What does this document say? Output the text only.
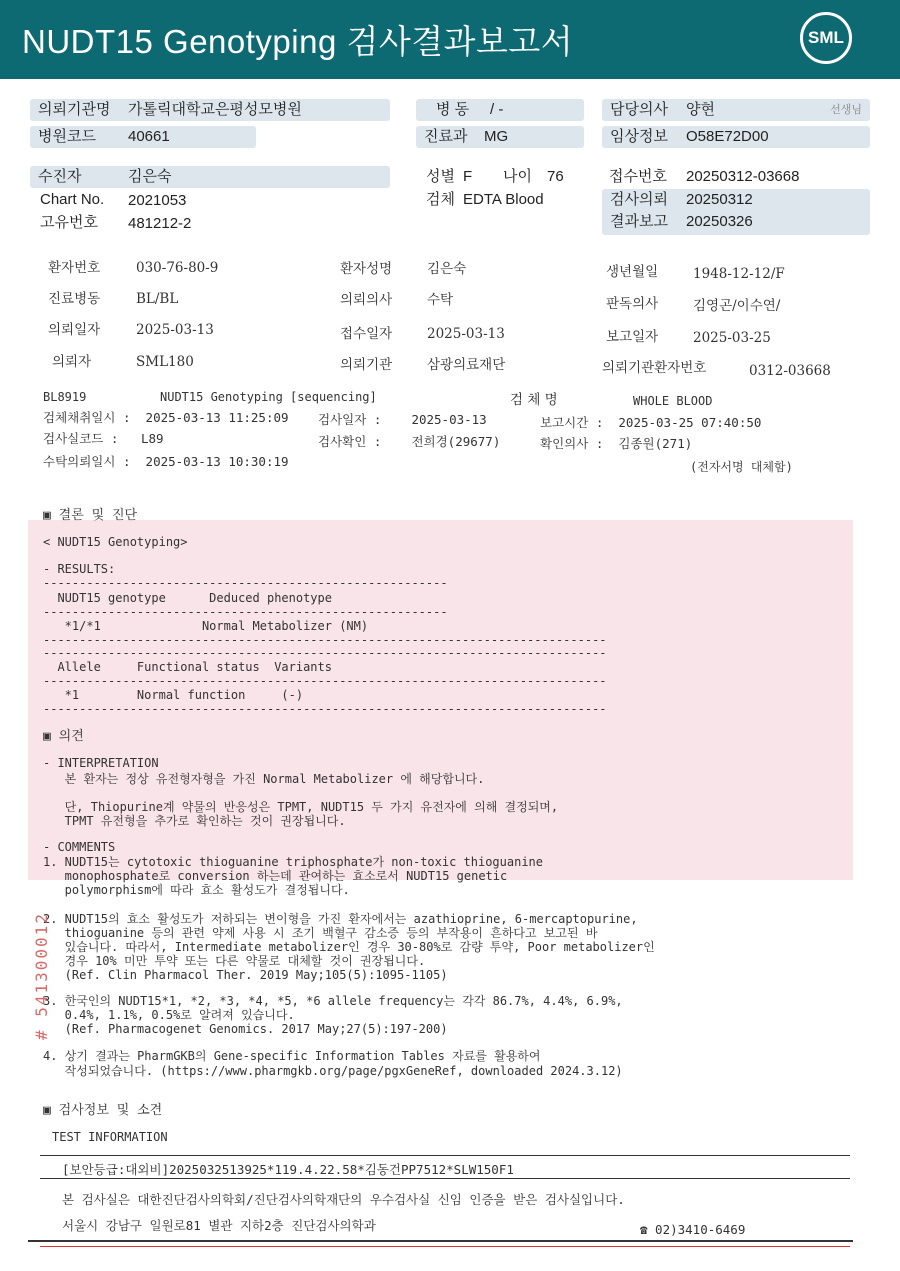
NUDT15 Genotyping 검사결과보고서	SML
의뢰기관명 가톨릭대학교은평성모병원	병 동 / -	담당의사 양현	선생님
병원코드 40661	진료과 MG	임상정보 O58E72D00
수진자	김은숙	성별 F 나이 76	접수번호 20250312-03668
Chart No. 2021053	검체 EDTA Blood	검사의뢰 20250312

결과보고 20250326
고유번호 481212-2
환자번호	030-76-80-9	환자성명	김은숙	생년월일	1948-12-12/F
진료병동	BL/BL	의뢰의사	수탁	판독의사	김영곤/이수연/
의뢰일자	2025-03-13	접수일자	2025-03-13	보고일자	2025-03-25
의뢰자	SML180	의뢰기관	삼광의료재단	의뢰기관환자번호	0312-03668
BL8919	NUDT15 Genotyping [sequencing]	검 체 명	WHOLE BLOOD
검체채취일시 :  2025-03-13 11:25:09 검사일자 :    2025-03-13	보고시간 :  2025-03-25 07:40:50
검사실코드 :   L89	검사확인 :    전희경(29677)	확인의사 :  김종원(271)
수탁의뢰일시 :  2025-03-13 10:30:19	(전자서명 대체함)
▣ 결론 및 진단
< NUDT15 Genotyping>
- RESULTS:
--------------------------------------------------------
NUDT15 genotype      Deduced phenotype
--------------------------------------------------------
*1/*1              Normal Metabolizer (NM)
------------------------------------------------------------------------------
------------------------------------------------------------------------------
Allele     Functional status  Variants
------------------------------------------------------------------------------
*1        Normal function     (-)
------------------------------------------------------------------------------
▣ 의견
- INTERPRETATION
본 환자는 정상 유전형자형을 가진 Normal Metabolizer 에 해당합니다.
단, Thiopurine계 약물의 반응성은 TPMT, NUDT15 두 가지 유전자에 의해 결정되며,
TPMT 유전형을 추가로 확인하는 것이 권장됩니다.
- COMMENTS
1. NUDT15는 cytotoxic thioguanine triphosphate가 non-toxic thioguanine
monophosphate로 conversion 하는데 관여하는 효소로서 NUDT15 genetic
polymorphism에 따라 효소 활성도가 결정됩니다.
2. NUDT15의 효소 활성도가 저하되는 변이형을 가진 환자에서는 azathioprine, 6-mercaptopurine,
thioguanine 등의 관련 약제 사용 시 조기 백혈구 감소증 등의 부작용이 흔하다고 보고된 바
있습니다. 따라서, Intermediate metabolizer인 경우 30-80%로 감량 투약, Poor metabolizer인
경우 10% 미만 투약 또는 다른 약물로 대체할 것이 권장됩니다.
(Ref. Clin Pharmacol Ther. 2019 May;105(5):1095-1105)
3. 한국인의 NUDT15*1, *2, *3, *4, *5, *6 allele frequency는 각각 86.7%, 4.4%, 6.9%,
0.4%, 1.1%, 0.5%로 알려져 있습니다.
(Ref. Pharmacogenet Genomics. 2017 May;27(5):197-200)
4. 상기 결과는 PharmGKB의 Gene-specific Information Tables 자료를 활용하여
작성되었습니다. (https://www.pharmgkb.org/page/pgxGeneRef, downloaded 2024.3.12)
▣ 검사정보 및 소견
TEST INFORMATION
# 541300012
[보안등급:대외비]2025032513925*119.4.22.58*김동건PP7512*SLW150F1
본 검사실은 대한진단검사의학회/진단검사의학재단의 우수검사실 신임 인증을 받은 검사실입니다.
서울시 강남구 일원로81 별관 지하2층 진단검사의학과	☎ 02)3410-6469
